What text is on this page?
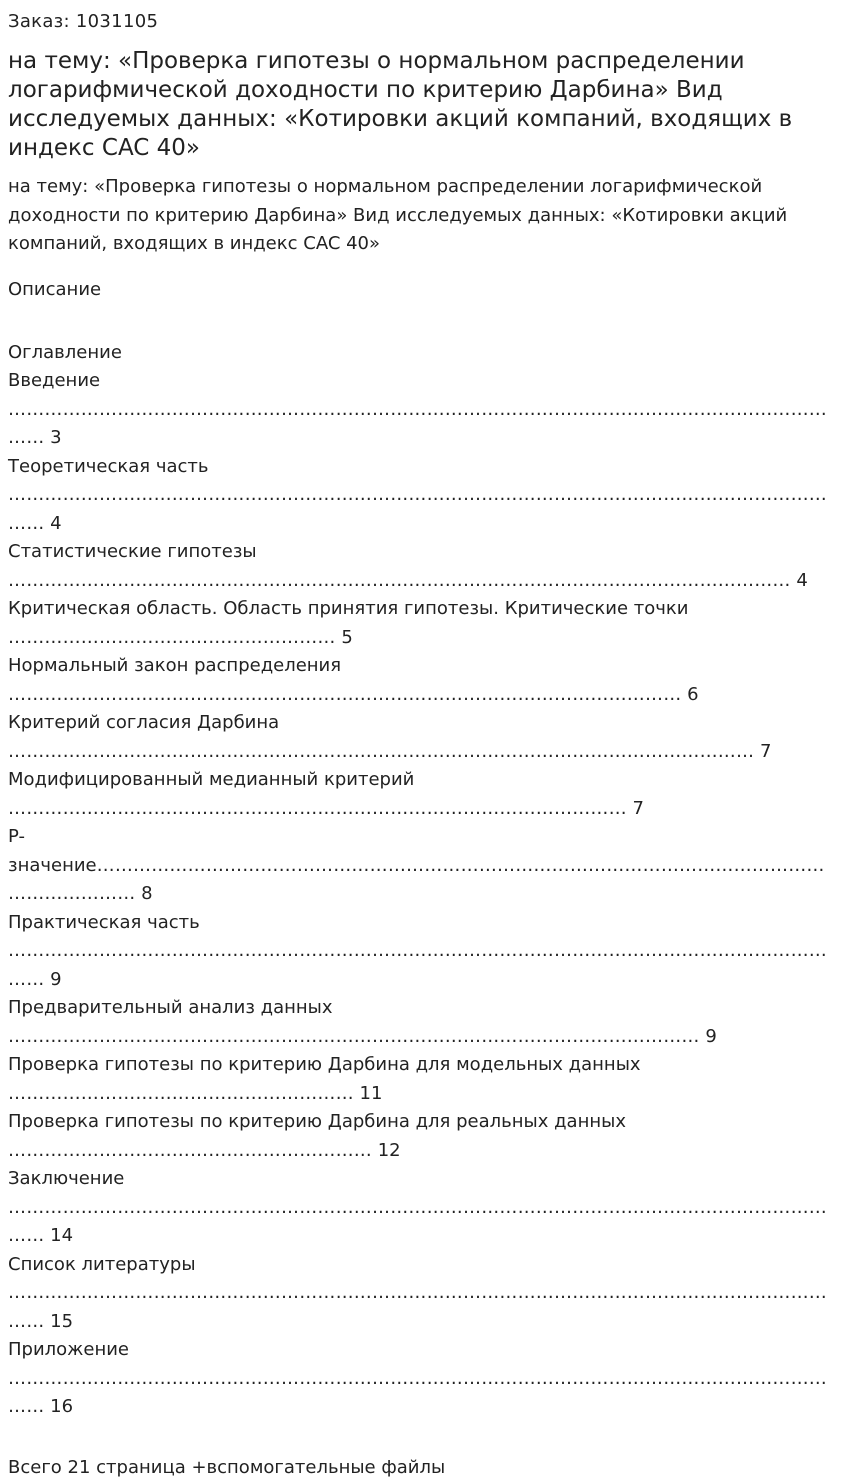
Заказ: 1031105
на тему: «Проверка гипотезы о нормальном распределении логарифмической доходности по критерию Дарбина» Вид исследуемых данных: «Котировки акций компаний, входящих в индекс CAC 40»
на тему: «Проверка гипотезы о нормальном распределении логарифмической доходности по критерию Дарбина» Вид исследуемых данных: «Котировки акций компаний, входящих в индекс CAC 40»
Описание
Оглавление
Введение
…………………………………………………………………………………………………………………………… 3
Теоретическая часть
…………………………………………………………………………………………………………………………… 4
Статистические гипотезы
………………………………………………………………………………………………………………… 4
Критическая область. Область принятия гипотезы. Критические точки
……………………………………………… 5
Нормальный закон распределения
………………………………………………………………………………………………… 6
Критерий согласия Дарбина
…………………………………………………………………………………………………………… 7
Модифицированный медианный критерий
………………………………………………………………………………………… 7
P-значение…………………………………………………………………………………………………………………………… 8
Практическая часть
…………………………………………………………………………………………………………………………… 9
Предварительный анализ данных
…………………………………………………………………………………………………… 9
Проверка гипотезы по критерию Дарбина для модельных данных
………………………………………………… 11
Проверка гипотезы по критерию Дарбина для реальных данных
…………………………………………………… 12
Заключение
…………………………………………………………………………………………………………………………… 14
Список литературы
…………………………………………………………………………………………………………………………… 15
Приложение
…………………………………………………………………………………………………………………………… 16
Всего 21 страница +вспомогательные файлы
